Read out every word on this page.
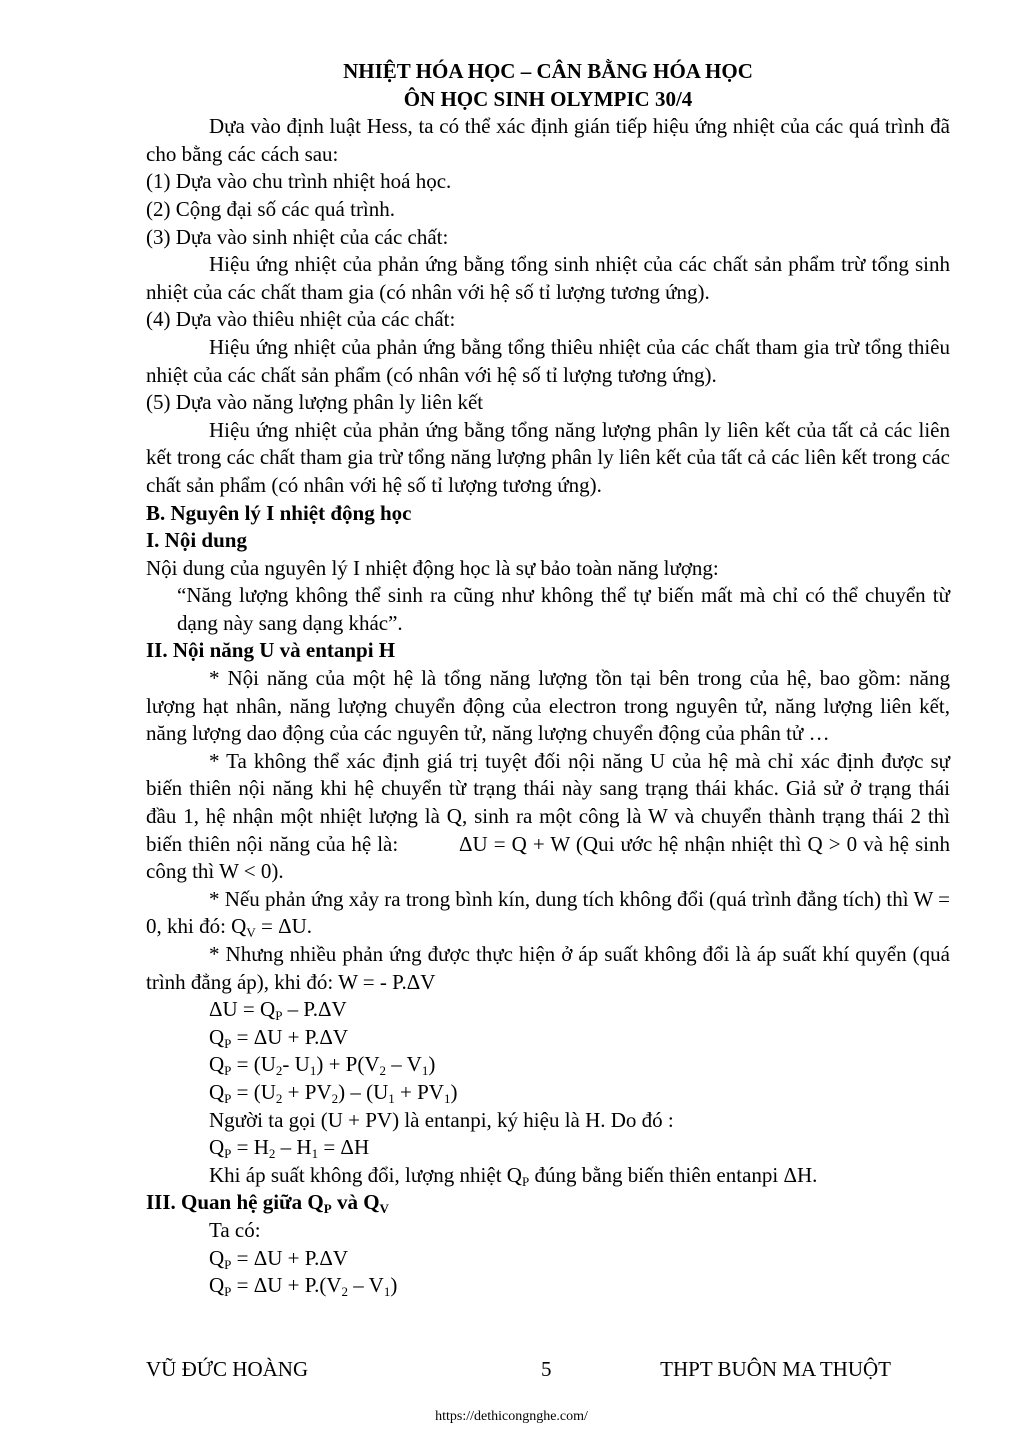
NHIỆT HÓA HỌC – CÂN BẰNG HÓA HỌC
ÔN HỌC SINH OLYMPIC 30/4

Dựa vào định luật Hess, ta có thể xác định gián tiếp hiệu ứng nhiệt của các quá trình đã cho bằng các cách sau:

(1) Dựa vào chu trình nhiệt hoá học.

(2) Cộng đại số các quá trình.

(3) Dựa vào sinh nhiệt của các chất:

Hiệu ứng nhiệt của phản ứng bằng tổng sinh nhiệt của các chất sản phẩm trừ tổng sinh nhiệt của các chất tham gia (có nhân với hệ số tỉ lượng tương ứng).

(4) Dựa vào thiêu nhiệt của các chất:

Hiệu ứng nhiệt của phản ứng bằng tổng thiêu nhiệt của các chất tham gia trừ tổng thiêu nhiệt của các chất sản phẩm (có nhân với hệ số tỉ lượng tương ứng).

(5) Dựa vào năng lượng phân ly liên kết

Hiệu ứng nhiệt của phản ứng bằng tổng năng lượng phân ly liên kết của tất cả các liên kết trong các chất tham gia trừ tổng năng lượng phân ly liên kết của tất cả các liên kết trong các chất sản phẩm (có nhân với hệ số tỉ lượng tương ứng).

B. Nguyên lý I nhiệt động học

I. Nội dung

Nội dung của nguyên lý I nhiệt động học là sự bảo toàn năng lượng:

“Năng lượng không thể sinh ra cũng như không thể tự biến mất mà chỉ có thể chuyển từ dạng này sang dạng khác”.

II. Nội năng U và entanpi H

* Nội năng của một hệ là tổng năng lượng tồn tại bên trong của hệ, bao gồm: năng lượng hạt nhân, năng lượng chuyển động của electron trong nguyên tử, năng lượng liên kết, năng lượng dao động của các nguyên tử, năng lượng chuyển động của phân tử …

* Ta không thể xác định giá trị tuyệt đối nội năng U của hệ mà chỉ xác định được sự biến thiên nội năng khi hệ chuyển từ trạng thái này sang trạng thái khác. Giả sử ở trạng thái đầu 1, hệ nhận một nhiệt lượng là Q, sinh ra một công là W và chuyển thành trạng thái 2 thì biến thiên nội năng của hệ là:	ΔU = Q + W (Qui ước hệ nhận nhiệt thì Q > 0 và hệ sinh công thì W < 0).

* Nếu phản ứng xảy ra trong bình kín, dung tích không đổi (quá trình đẳng tích) thì W = 0, khi đó: $Q_V = \Delta U$.

* Nhưng nhiều phản ứng được thực hiện ở áp suất không đổi là áp suất khí quyển (quá trình đẳng áp), khi đó: W = - P.ΔV

$\Delta U = Q_P - P.\Delta V$

$Q_P = \Delta U + P.\Delta V$

$Q_P = (U_2-$ $U_1) + P(V_2 - V_1)$

$Q_P = (U_2 + PV_2) - (U_1 + PV_1)$

Người ta gọi (U + PV) là entanpi, ký hiệu là H. Do đó :

$Q_P = H_2 - H_1 = \Delta H$

Khi áp suất không đổi, lượng nhiệt $Q_P$ đúng bằng biến thiên entanpi ΔH.

III. Quan hệ giữa $Q_P$ và $Q_V$

Ta có:

$Q_P = \Delta U + P.\Delta V$

$Q_P = \Delta U + P.(V_2 - V_1)$

VŨ ĐỨC HOÀNG	5	THPT BUÔN MA THUỘT
https://dethicongnghe.com/
